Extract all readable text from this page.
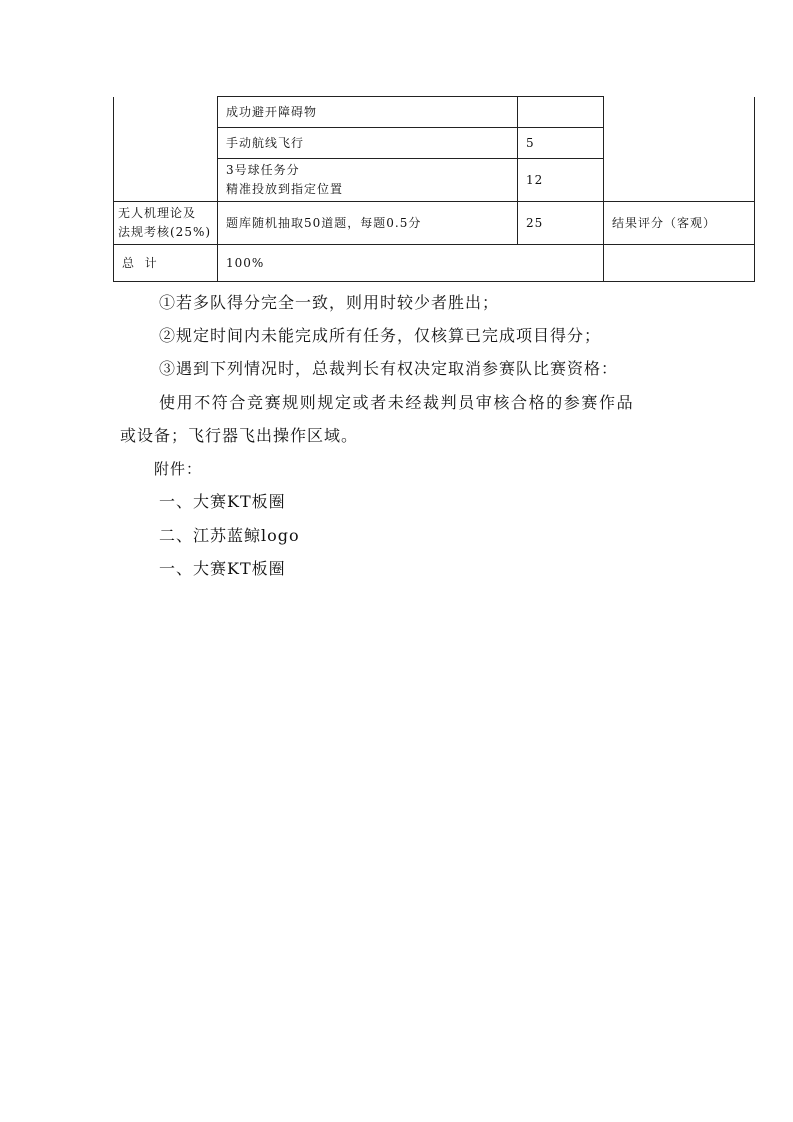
	成功避开障碍物		
	手动航线飞行	5	

	3号球任务分
精准投放到指定位置	12	

无人机理论及
法规考核(25%)	题库随机抽取50道题，每题0.5分	25	结果评分（客观）
总  计	100%		
①若多队得分完全一致，则用时较少者胜出；
②规定时间内未能完成所有任务，仅核算已完成项目得分；
③遇到下列情况时，总裁判长有权决定取消参赛队比赛资格：
使用不符合竞赛规则规定或者未经裁判员审核合格的参赛作品
或设备；飞行器飞出操作区域。
附件：
一、大赛KT板圈
二、江苏蓝鲸logo
一、大赛KT板圈
